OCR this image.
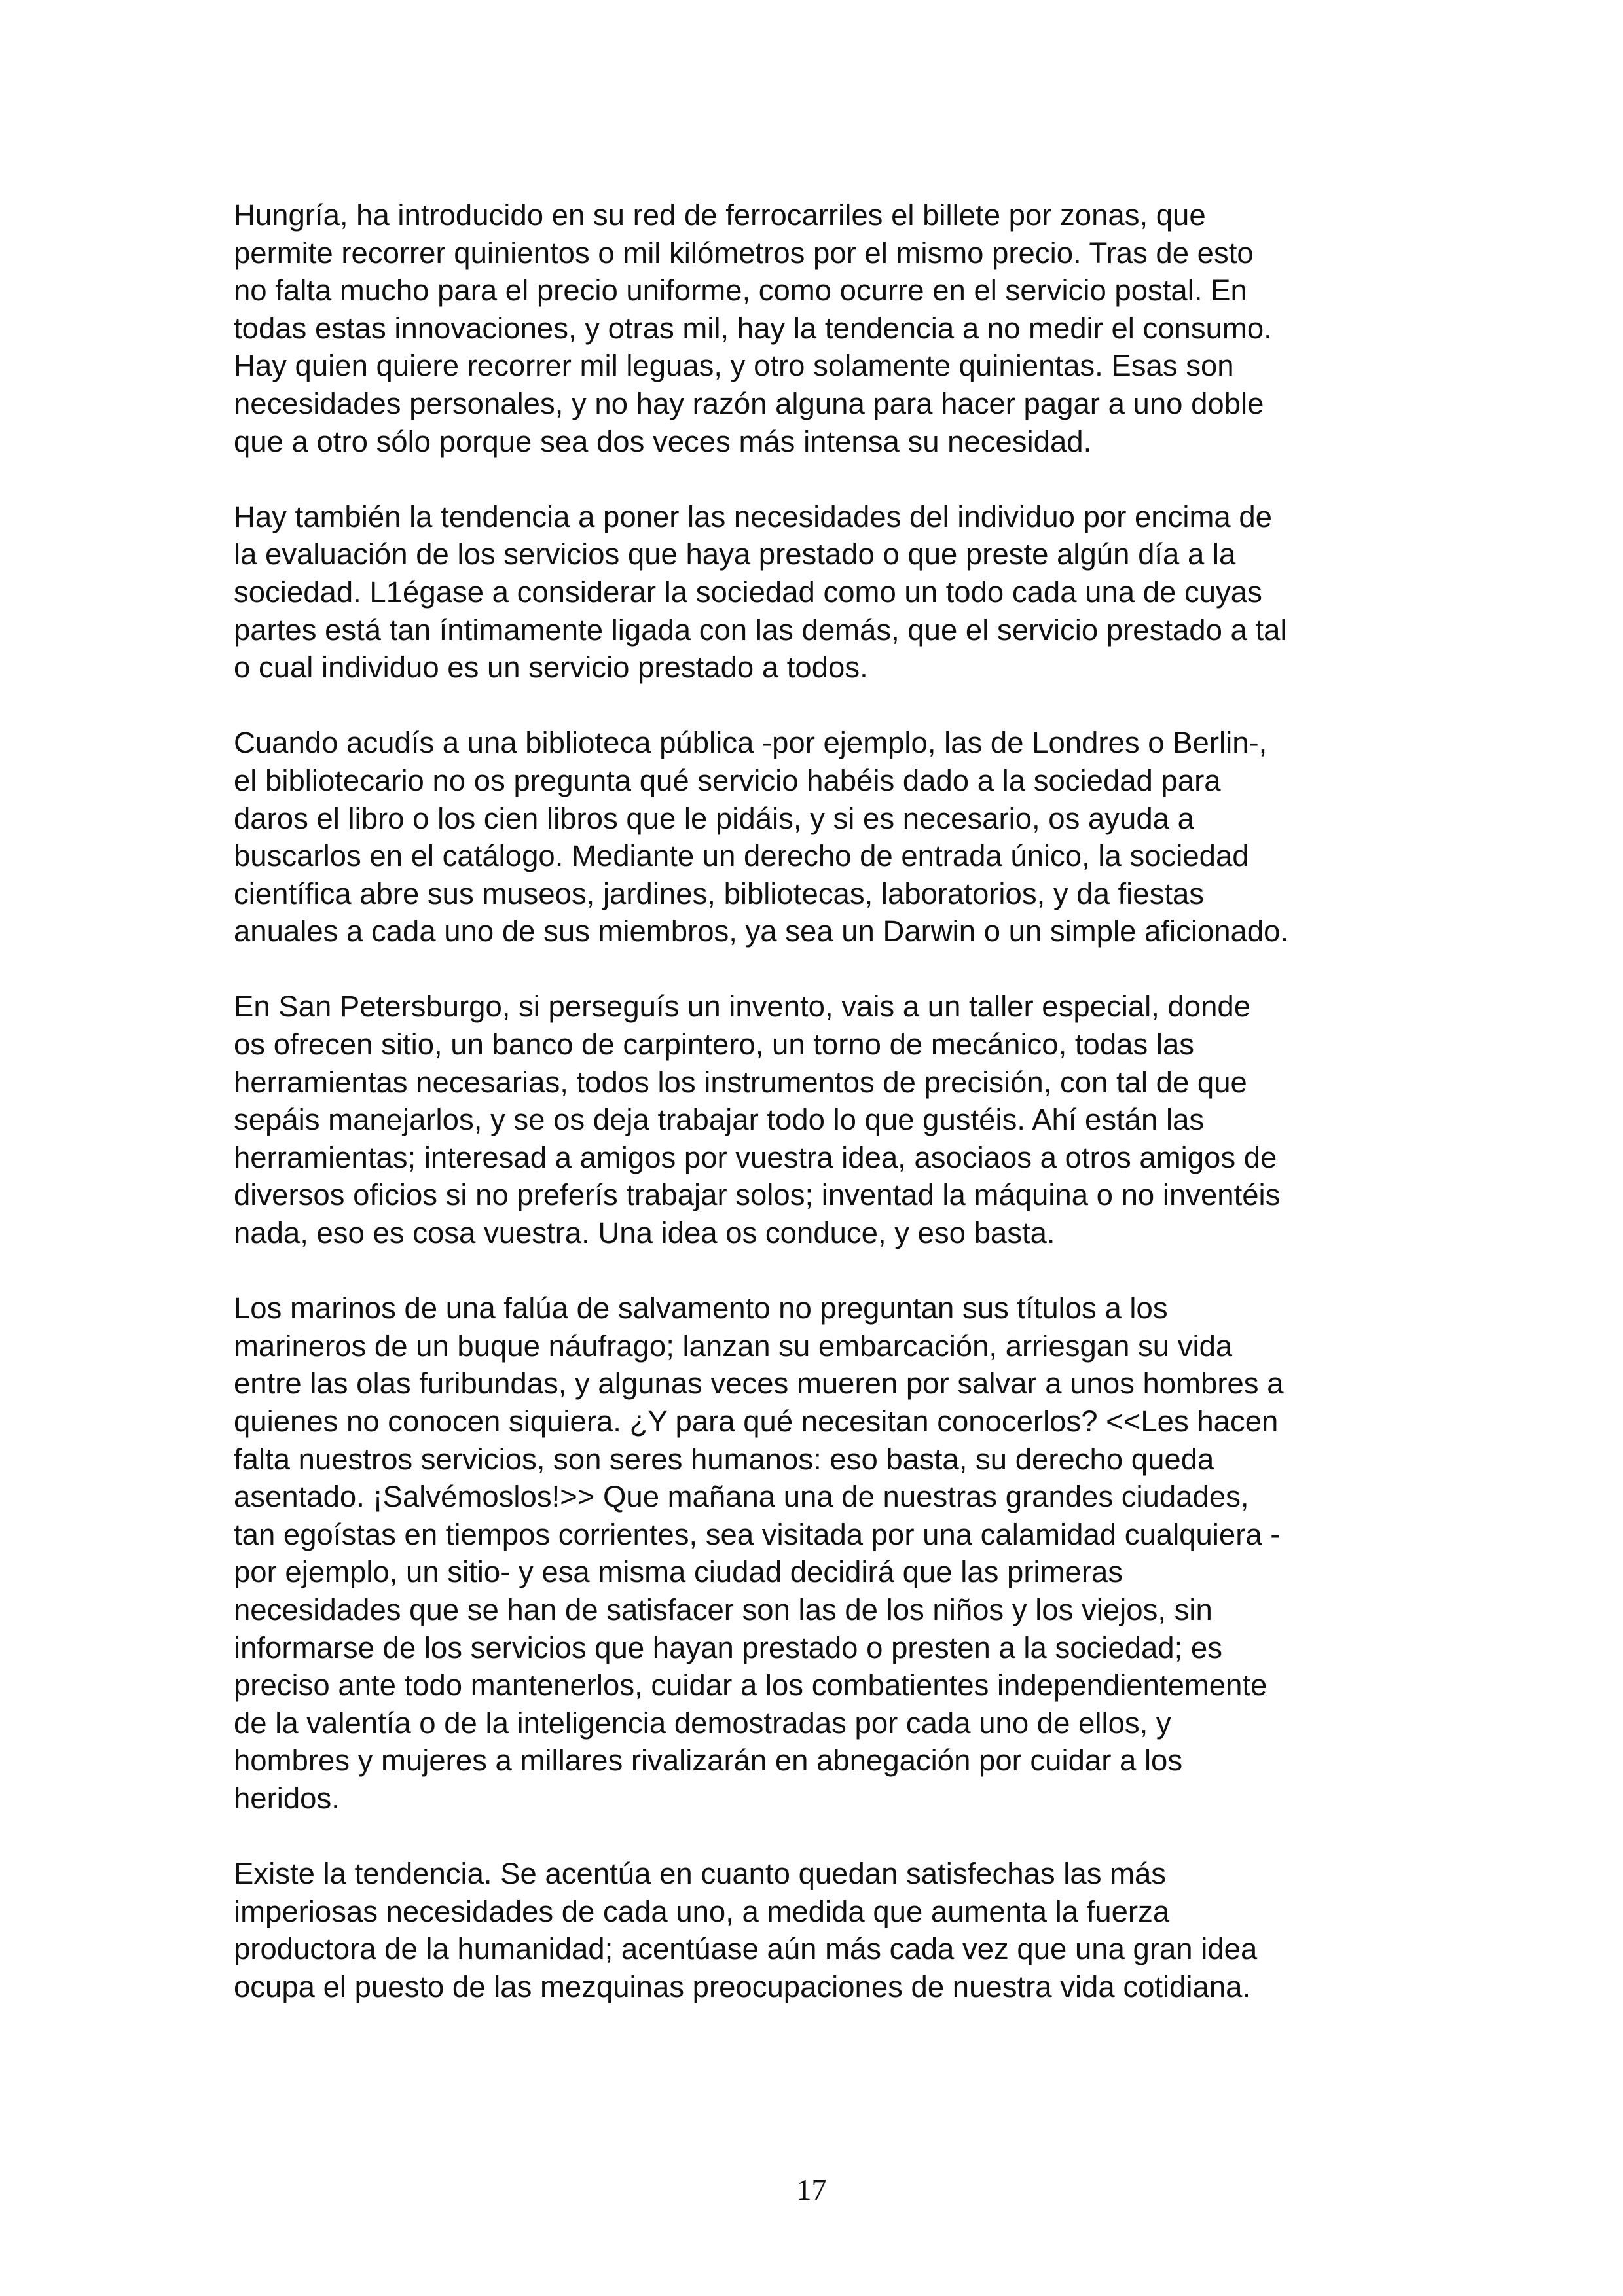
Hungría, ha introducido en su red de ferrocarriles el billete por zonas, que
permite recorrer quinientos o mil kilómetros por el mismo precio. Tras de esto
no falta mucho para el precio uniforme, como ocurre en el servicio postal. En
todas estas innovaciones, y otras mil, hay la tendencia a no medir el consumo.
Hay quien quiere recorrer mil leguas, y otro solamente quinientas. Esas son
necesidades personales, y no hay razón alguna para hacer pagar a uno doble
que a otro sólo porque sea dos veces más intensa su necesidad.

Hay también la tendencia a poner las necesidades del individuo por encima de
la evaluación de los servicios que haya prestado o que preste algún día a la
sociedad. L1égase a considerar la sociedad como un todo cada una de cuyas
partes está tan íntimamente ligada con las demás, que el servicio prestado a tal
o cual individuo es un servicio prestado a todos.

Cuando acudís a una biblioteca pública -por ejemplo, las de Londres o Berlin-,
el bibliotecario no os pregunta qué servicio habéis dado a la sociedad para
daros el libro o los cien libros que le pidáis, y si es necesario, os ayuda a
buscarlos en el catálogo. Mediante un derecho de entrada único, la sociedad
científica abre sus museos, jardines, bibliotecas, laboratorios, y da fiestas
anuales a cada uno de sus miembros, ya sea un Darwin o un simple aficionado.

En San Petersburgo, si perseguís un invento, vais a un taller especial, donde
os ofrecen sitio, un banco de carpintero, un torno de mecánico, todas las
herramientas necesarias, todos los instrumentos de precisión, con tal de que
sepáis manejarlos, y se os deja trabajar todo lo que gustéis. Ahí están las
herramientas; interesad a amigos por vuestra idea, asociaos a otros amigos de
diversos oficios si no preferís trabajar solos; inventad la máquina o no inventéis
nada, eso es cosa vuestra. Una idea os conduce, y eso basta.

Los marinos de una falúa de salvamento no preguntan sus títulos a los
marineros de un buque náufrago; lanzan su embarcación, arriesgan su vida
entre las olas furibundas, y algunas veces mueren por salvar a unos hombres a
quienes no conocen siquiera. ¿Y para qué necesitan conocerlos? <<Les hacen
falta nuestros servicios, son seres humanos: eso basta, su derecho queda
asentado. ¡Salvémoslos!>> Que mañana una de nuestras grandes ciudades,
tan egoístas en tiempos corrientes, sea visitada por una calamidad cualquiera -
por ejemplo, un sitio- y esa misma ciudad decidirá que las primeras
necesidades que se han de satisfacer son las de los niños y los viejos, sin
informarse de los servicios que hayan prestado o presten a la sociedad; es
preciso ante todo mantenerlos, cuidar a los combatientes independientemente
de la valentía o de la inteligencia demostradas por cada uno de ellos, y
hombres y mujeres a millares rivalizarán en abnegación por cuidar a los
heridos.

Existe la tendencia. Se acentúa en cuanto quedan satisfechas las más
imperiosas necesidades de cada uno, a medida que aumenta la fuerza
productora de la humanidad; acentúase aún más cada vez que una gran idea
ocupa el puesto de las mezquinas preocupaciones de nuestra vida cotidiana.

17
